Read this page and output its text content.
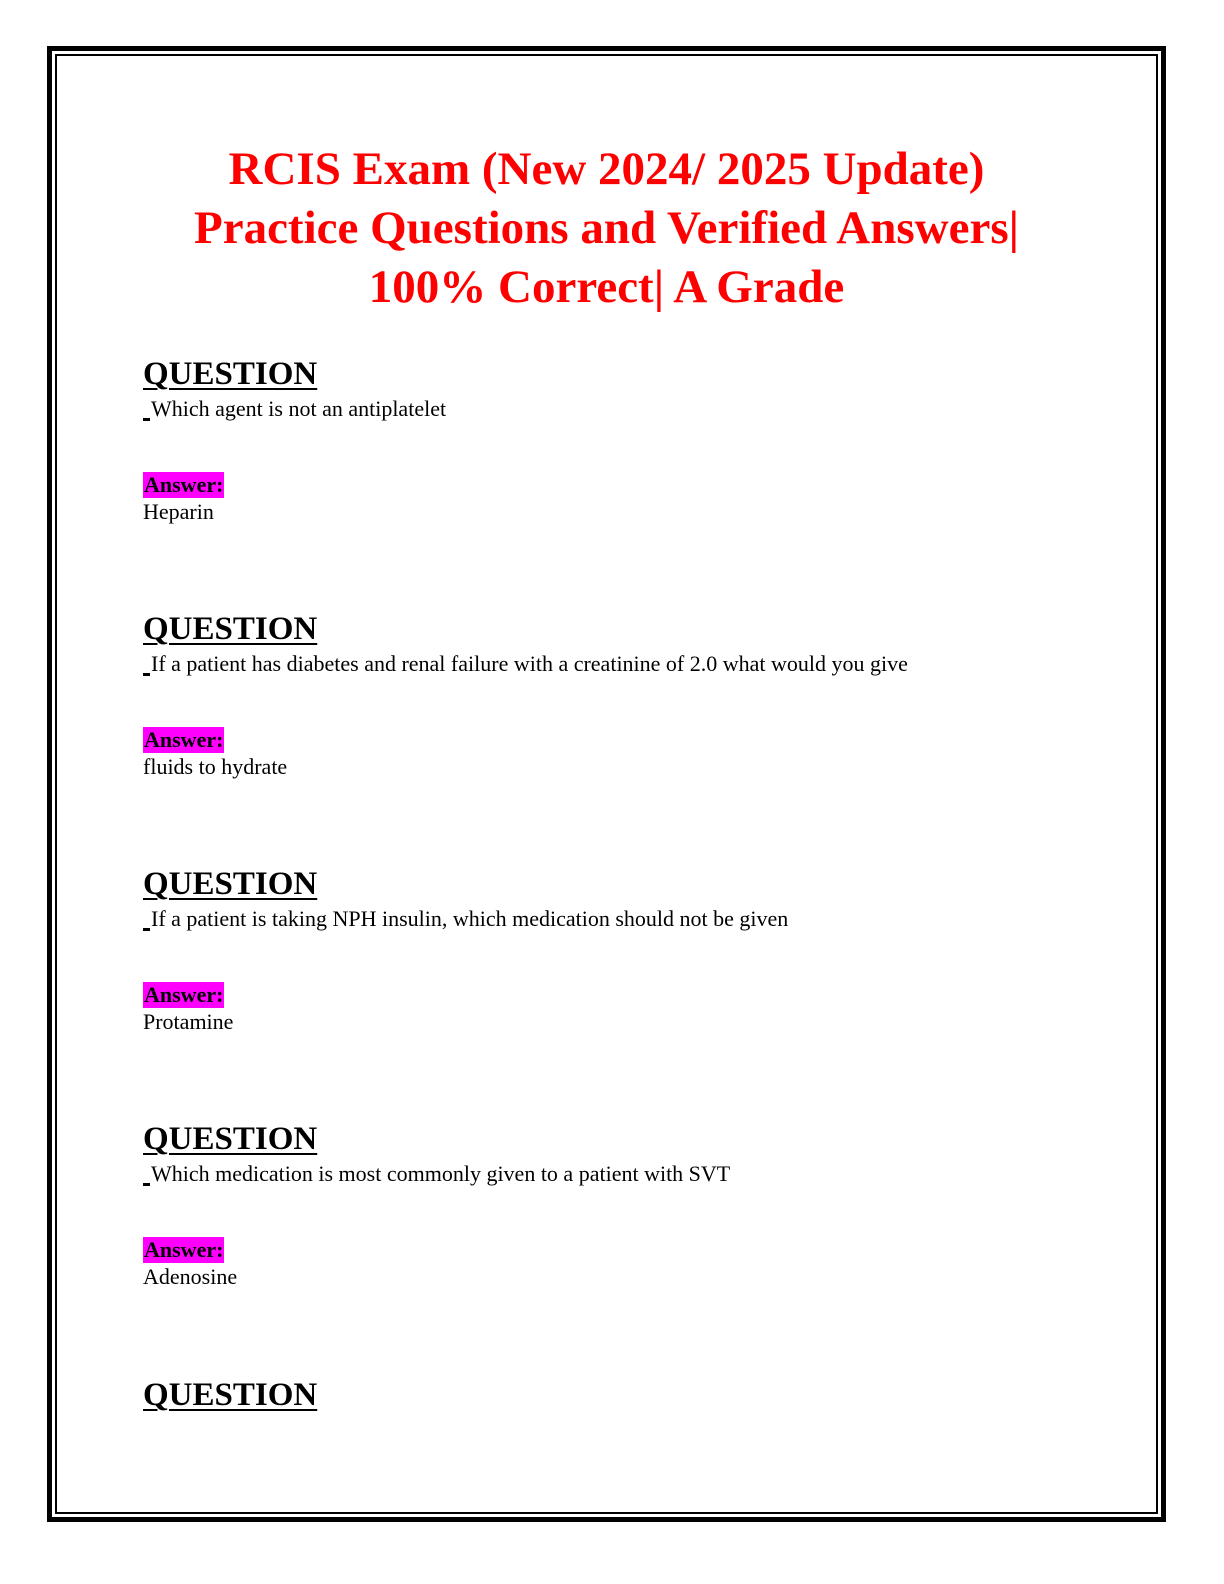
RCIS Exam (New 2024/ 2025 Update)
Practice Questions and Verified Answers|
100% Correct| A Grade
QUESTION
Which agent is not an antiplatelet
Answer:
Heparin
QUESTION
If a patient has diabetes and renal failure with a creatinine of 2.0 what would you give
Answer:
fluids to hydrate
QUESTION
If a patient is taking NPH insulin, which medication should not be given
Answer:
Protamine
QUESTION
Which medication is most commonly given to a patient with SVT
Answer:
Adenosine
QUESTION
